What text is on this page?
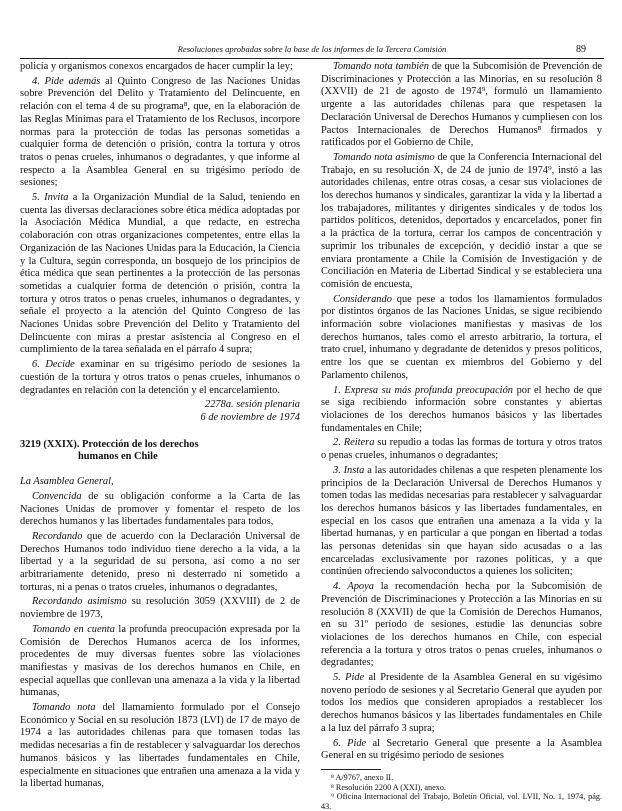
Resoluciones aprobadas sobre la base de los informes de la Tercera Comisión	89

policía y organismos conexos encargados de hacer cumplir la ley;

4. Pide además al Quinto Congreso de las Naciones Unidas sobre Prevención del Delito y Tratamiento del Delincuente, en relación con el tema 4 de su programa⁸, que, en la elaboración de las Reglas Mínimas para el Tratamiento de los Reclusos, incorpore normas para la protección de todas las personas sometidas a cualquier forma de detención o prisión, contra la tortura y otros tratos o penas crueles, inhumanos o degradantes, y que informe al respecto a la Asamblea General en su trigésimo período de sesiones;

5. Invita a la Organización Mundial de la Salud, teniendo en cuenta las diversas declaraciones sobre ética médica adoptadas por la Asociación Médica Mundial, a que redacte, en estrecha colaboración con otras organizaciones competentes, entre ellas la Organización de las Naciones Unidas para la Educación, la Ciencia y la Cultura, según corresponda, un bosquejo de los principios de ética médica que sean pertinentes a la protección de las personas sometidas a cualquier forma de detención o prisión, contra la tortura y otros tratos o penas crueles, inhumanos o degradantes, y señale el proyecto a la atención del Quinto Congreso de las Naciones Unidas sobre Prevención del Delito y Tratamiento del Delincuente con miras a prestar asistencia al Congreso en el cumplimiento de la tarea señalada en el párrafo 4 supra;

6. Decide examinar en su trigésimo período de sesiones la cuestión de la tortura y otros tratos o penas crueles, inhumanos o degradantes en relación con la detención y el encarcelamiento.

2278a. sesión plenaria
6 de noviembre de 1974

3219 (XXIX). Protección de los derechos
humanos en Chile

La Asamblea General,

Convencida de su obligación conforme a la Carta de las Naciones Unidas de promover y fomentar el respeto de los derechos humanos y las libertades fundamentales para todos,

Recordando que de acuerdo con la Declaración Universal de Derechos Humanos todo individuo tiene derecho a la vida, a la libertad y a la seguridad de su persona, así como a no ser arbitrariamente detenido, preso ni desterrado ni sometido a torturas, ni a penas o tratos crueles, inhumanos o degradantes,

Recordando asimismo su resolución 3059 (XXVIII) de 2 de noviembre de 1973,

Tomando en cuenta la profunda preocupación expresada por la Comisión de Derechos Humanos acerca de los informes, procedentes de muy diversas fuentes sobre las violaciones manifiestas y masivas de los derechos humanos en Chile, en especial aquellas que conllevan una amenaza a la vida y la libertad humanas,

Tomando nota del llamamiento formulado por el Consejo Económico y Social en su resolución 1873 (LVI) de 17 de mayo de 1974 a las autoridades chilenas para que tomasen todas las medidas necesarias a fin de restablecer y salvaguardar los derechos humanos básicos y las libertades fundamentales en Chile, especialmente en situaciones que entrañen una amenaza a la vida y la libertad humanas,

Tomando nota también de que la Subcomisión de Prevención de Discriminaciones y Protección a las Minorías, en su resolución 8 (XXVII) de 21 de agosto de 1974⁹, formuló un llamamiento urgente a las autoridades chilenas para que respetasen la Declaración Universal de Derechos Humanos y cumpliesen con los Pactos Internacionales de Derechos Humanos⁸ firmados y ratificados por el Gobierno de Chile,

Tomando nota asimismo de que la Conferencia Internacional del Trabajo, en su resolución X, de 24 de junio de 1974⁹, instó a las autoridades chilenas, entre otras cosas, a cesar sus violaciones de los derechos humanos y sindicales, garantizar la vida y la libertad a los trabajadores, militantes y dirigentes sindicales y de todos los partidos políticos, detenidos, deportados y encarcelados, poner fin a la práctica de la tortura, cerrar los campos de concentración y suprimir los tribunales de excepción, y decidió instar a que se enviara prontamente a Chile la Comisión de Investigación y de Conciliación en Materia de Libertad Sindical y se estableciera una comisión de encuesta,

Considerando que pese a todos los llamamientos formulados por distintos órganos de las Naciones Unidas, se sigue recibiendo información sobre violaciones manifiestas y masivas de los derechos humanos, tales como el arresto arbitrario, la tortura, el trato cruel, inhumano y degradante de detenidos y presos políticos, entre los que se cuentan ex miembros del Gobierno y del Parlamento chilenos,

1. Expresa su más profunda preocupación por el hecho de que se siga recibiendo información sobre constantes y abiertas violaciones de los derechos humanos básicos y las libertades fundamentales en Chile;

2. Reitera su repudio a todas las formas de tortura y otros tratos o penas crueles, inhumanos o degradantes;

3. Insta a las autoridades chilenas a que respeten plenamente los principios de la Declaración Universal de Derechos Humanos y tomen todas las medidas necesarias para restablecer y salvaguardar los derechos humanos básicos y las libertades fundamentales, en especial en los casos que entrañen una amenaza a la vida y la libertad humanas, y en particular a que pongan en libertad a todas las personas detenidas sin que hayan sido acusadas o a las encarceladas exclusivamente por razones políticas, y a que continúen ofreciendo salvoconductos a quienes los soliciten;

4. Apoya la recomendación hecha por la Subcomisión de Prevención de Discriminaciones y Protección a las Minorías en su resolución 8 (XXVII) de que la Comisión de Derechos Humanos, en su 31º período de sesiones, estudie las denuncias sobre violaciones de los derechos humanos en Chile, con especial referencia a la tortura y otros tratos o penas crueles, inhumanos o degradantes;

5. Pide al Presidente de la Asamblea General en su vigésimo noveno período de sesiones y al Secretario General que ayuden por todos los medios que consideren apropiados a restablecer los derechos humanos básicos y las libertades fundamentales en Chile a la luz del párrafo 3 supra;

6. Pide al Secretario General que presente a la Asamblea General en su trigésimo período de sesiones

⁸ A/9767, anexo II.
⁸ Resolución 2200 A (XXI), anexo.
⁹ Oficina Internacional del Trabajo, Boletín Oficial, vol. LVII, No. 1, 1974, pág. 43.
